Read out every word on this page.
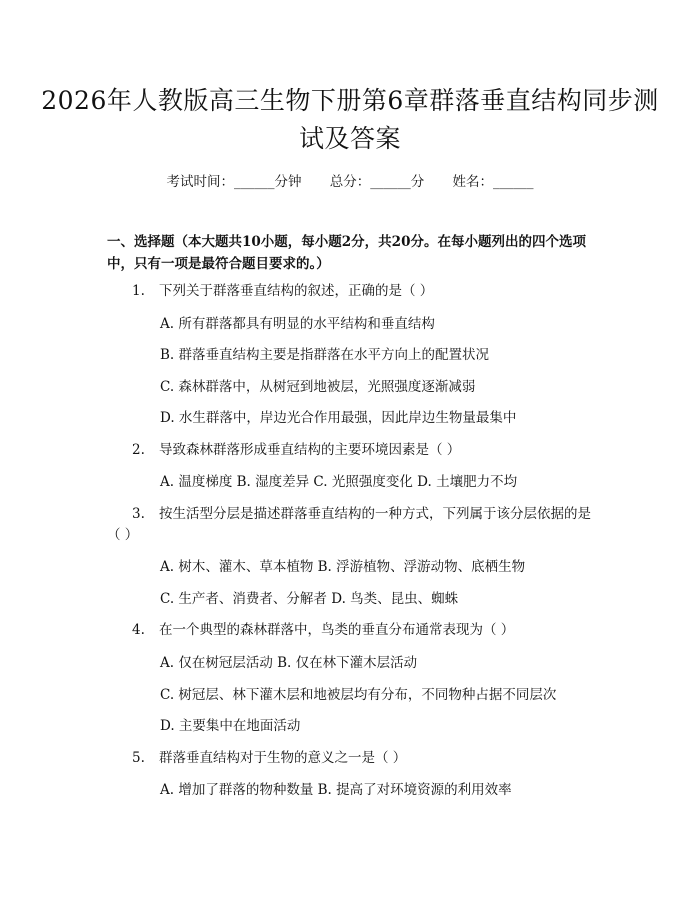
2026年人教版高三生物下册第6章群落垂直结构同步测试及答案
考试时间：______分钟 总分：______分 姓名：______
一、选择题（本大题共10小题，每小题2分，共20分。在每小题列出的四个选项中，只有一项是最符合题目要求的。）
1. 下列关于群落垂直结构的叙述，正确的是（ ）
A. 所有群落都具有明显的水平结构和垂直结构
B. 群落垂直结构主要是指群落在水平方向上的配置状况
C. 森林群落中，从树冠到地被层，光照强度逐渐减弱
D. 水生群落中，岸边光合作用最强，因此岸边生物量最集中
2. 导致森林群落形成垂直结构的主要环境因素是（ ）
A. 温度梯度 B. 湿度差异 C. 光照强度变化 D. 土壤肥力不均
3. 按生活型分层是描述群落垂直结构的一种方式，下列属于该分层依据的是
（ ）
A. 树木、灌木、草本植物 B. 浮游植物、浮游动物、底栖生物
C. 生产者、消费者、分解者 D. 鸟类、昆虫、蜘蛛
4. 在一个典型的森林群落中，鸟类的垂直分布通常表现为（ ）
A. 仅在树冠层活动 B. 仅在林下灌木层活动
C. 树冠层、林下灌木层和地被层均有分布，不同物种占据不同层次
D. 主要集中在地面活动
5. 群落垂直结构对于生物的意义之一是（ ）
A. 增加了群落的物种数量 B. 提高了对环境资源的利用效率
